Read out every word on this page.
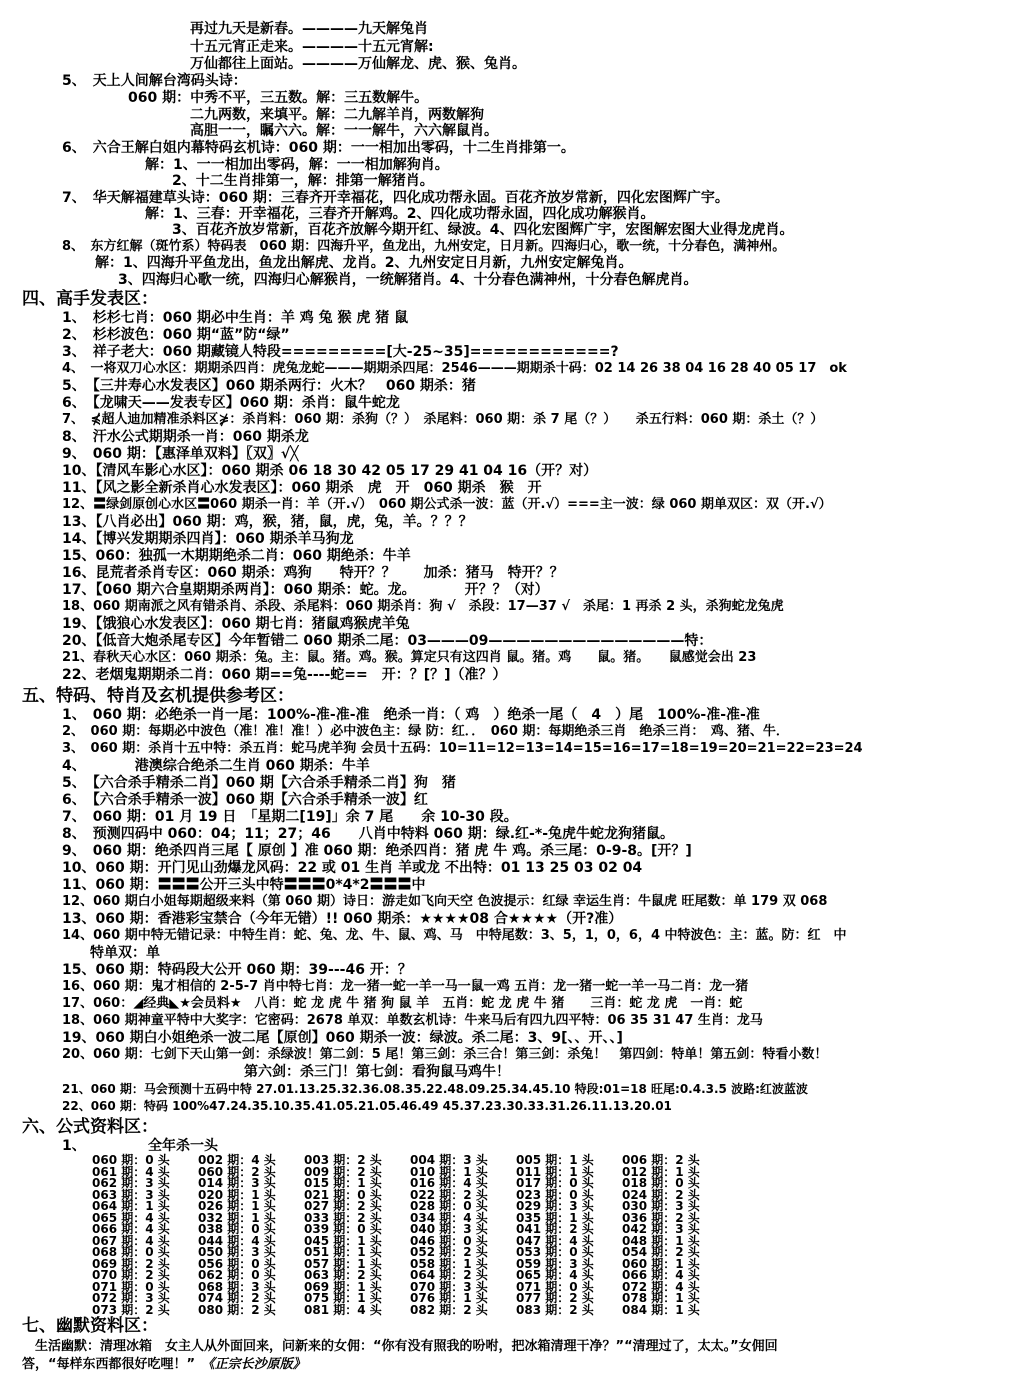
再过九天是新春。————九天解兔肖
十五元宵正走来。————十五元宵解:
万仙都往上面站。————万仙解龙、虎、猴、兔肖。
5、　天上人间解台湾码头诗：
060 期：中秀不平，三五数。解：三五数解牛。
二九两数，来填平。解：二九解羊肖，两数解狗
高胆一一，瞩六六。解：一一解牛，六六解鼠肖。
6、　六合王解白姐内幕特码玄机诗：060 期：一一相加出零码，十二生肖排第一。
解：1、一一相加出零码，解：一一相加解狗肖。
2、十二生肖排第一，解：排第一解猪肖。
7、　华天解福建草头诗：060 期：三春齐开幸福花，四化成功帮永固。百花齐放岁常新，四化宏图辉广宇。
解：1、三春：开幸福花，三春齐开解鸡。2、四化成功帮永固，四化成功解猴肖。
3、百花齐放岁常新，百花齐放解今期开红、绿波。4、四化宏图辉广宇，宏图解宏图大业得龙虎肖。
8、　东方红解（斑竹系）特码表　060 期：四海升平，鱼龙出，九州安定，日月新。四海归心，歌一统，十分春色，满神州。
解：1、四海升平鱼龙出，鱼龙出解虎、龙肖。2、九州安定日月新，九州安定解兔肖。
3、四海归心歌一统，四海归心解猴肖，一统解猪肖。4、十分春色满神州，十分春色解虎肖。
四、高手发表区：
1、　杉杉七肖：060 期必中生肖：羊 鸡 兔 猴 虎 猪 鼠
2、　杉杉波色：060 期“蓝”防“绿”
3、　祥子老大：060 期藏镜人特段=========[大-25~35]============?
4、　一将双刀心水区：期期杀四肖：虎兔龙蛇———期期杀四尾：2546———期期杀十码：02 14 26 38 04 16 28 40 05 17　ok
5、　【三井寿心水发表区】060 期杀两行：火木？　060 期杀：猪
6、　【龙啸天——发表专区】060 期：杀肖：鼠牛蛇龙
7、　⋠超人迪加精准杀料区⋡：杀肖料：060 期：杀狗（？）　杀尾料：060 期：杀 7 尾（？）　　杀五行料：060 期：杀土（？）
8、　汗水公式期期杀一肖：060 期杀龙
9、　060 期：【惠泽单双料】〖双〗√╳
10、【清风车影心水区】：060 期杀 06 18 30 42 05 17 29 41 04 16（开？对）
11、【风之影全新杀肖心水发表区】：060 期杀　虎　开　060 期杀　猴　开
12、〓绿剑原创心水区〓060 期杀一肖：羊（开.√）　060 期公式杀一波：蓝（开.√）===主一波：绿 060 期单双区：双（开.√）
13、【八肖必出】060 期：鸡，猴，猪，鼠，虎，兔，羊。？？？
14、【博兴发期期杀四肖】：060 期杀羊马狗龙
15、060：独孤一木期期绝杀二肖：060 期绝杀：牛羊
16、昆荒者杀肖专区：060 期杀：鸡狗　　特开？？　　加杀：猪马　特开？？
17、【060 期六合皇期期杀两肖】：060 期杀：蛇。龙。　　　　开？？（对）
18、060 期南派之风有错杀肖、杀段、杀尾料：060 期杀肖：狗 √　杀段：17—37 √　杀尾：1 再杀 2 头，杀狗蛇龙兔虎
19、【饿狼心水发表区】：060 期七肖：猪鼠鸡猴虎羊兔
20、【低音大炮杀尾专区】今年暂错二 060 期杀二尾：03———09——————————————特：
21、春秋天心水区：060 期杀：兔。主：鼠。猪。鸡。猴。算定只有这四肖 鼠。猪。鸡　　鼠。猪。　　鼠感觉会出 23
22、老烟鬼期期杀二肖：060 期==兔----蛇==　开：？[？]（准？）
五、特码、特肖及玄机提供参考区：
1、　060 期：必绝杀一肖一尾：100%-准-准-准　绝杀一肖：（ 鸡　）绝杀一尾（　4　）尾　100%-准-准-准
2、　060 期：每期必中波色（准！准！准！）必中波色主：绿 防：红．．　060 期：每期绝杀三肖　绝杀三肖：　鸡、猪、牛．
3、　060 期：杀肖十五中特：杀五肖：蛇马虎羊狗 会员十五码：10=11=12=13=14=15=16=17=18=19=20=21=22=23=24
4、　　　　港澳综合绝杀二生肖 060 期杀：牛羊
5、　【六合杀手精杀二肖】060 期【六合杀手精杀二肖】狗　猪
6、　【六合杀手精杀一波】060 期【六合杀手精杀一波】红
7、　060 期：01 月 19 日　「星期二[19]」余 7 尾　　余 10-30 段。
8、　预测四码中 060：04；11；27；46　　八肖中特料 060 期：绿.红-*-兔虎牛蛇龙狗猪鼠。
9、　060 期：绝杀四肖三尾【 原创 】准 060 期：绝杀四肖：猪 虎 牛 鸡。杀三尾：0-9-8。[开？]
10、060 期：开门见山劲爆龙风码：22 或 01 生肖 羊或龙 不出特：01 13 25 03 02 04
11、060 期：〓〓〓公开三头中特〓〓〓0*4*2〓〓〓中
12、060 期白小姐每期超级来料（第 060 期）诗日：游走如飞向天空 色波提示：红绿 幸运生肖：牛鼠虎 旺尾数：单 179 双 068
13、060 期：香港彩宝禁合（今年无错）!! 060 期杀：★★★★08 合★★★★（开?准）
14、060 期中特无错记录：中特生肖：蛇、兔、龙、牛、鼠、鸡、马　中特尾数：3、5，1，0，6，4 中特波色：主：蓝。防：红　中
　　特单双：单
15、060 期：特码段大公开 060 期：39---46 开：？
16、060 期：鬼才相信的 2-5-7 肖中特七肖：龙一猪一蛇一羊一马一鼠一鸡 五肖：龙一猪一蛇一羊一马二肖：龙一猪
17、060：◢经典◣★会员料★　八肖：蛇 龙 虎 牛 猪 狗 鼠 羊　五肖：蛇 龙 虎 牛 猪　　三肖：蛇 龙 虎　一肖：蛇
18、060 期神童平特中大奖字：它密码：2678 单双：单数玄机诗：牛来马后有四九四平特：06 35 31 47 生肖：龙马
19、060 期白小姐绝杀一波二尾【原创】060 期杀一波：绿波。杀二尾：3、9[、、开、、]
20、060 期：七剑下天山第一剑：杀绿波！第二剑：5 尾！第三剑：杀三合！第三剑：杀兔！　第四剑：特单！第五剑：特看小数！
　　　　　　　　　　　　　第六剑：杀三门！第七剑：看狗鼠马鸡牛！
21、060 期：马会预测十五码中特 27.01.13.25.32.36.08.35.22.48.09.25.34.45.10 特段:01=18 旺尾:0.4.3.5 波路:红波蓝波
22、060 期：特码 100%47.24.35.10.35.41.05.21.05.46.49 45.37.23.30.33.31.26.11.13.20.01
六、公式资料区：
1、	全年杀一头
060 期：0 头 002 期：4 头 003 期：2 头 004 期：3 头 005 期：1 头 006 期：2 头
061 期：4 头 060 期：2 头 009 期：2 头 010 期：1 头 011 期：1 头 012 期：1 头
062 期：3 头 014 期：3 头 015 期：1 头 016 期：4 头 017 期：0 头 018 期：0 头
063 期：3 头 020 期：1 头 021 期：0 头 022 期：2 头 023 期：0 头 024 期：2 头
064 期：1 头 026 期：1 头 027 期：2 头 028 期：0 头 029 期：3 头 030 期：3 头
065 期：4 头 032 期：1 头 033 期：2 头 034 期：4 头 035 期：1 头 036 期：2 头
066 期：4 头 038 期：0 头 039 期：0 头 040 期：3 头 041 期：2 头 042 期：3 头
067 期：4 头 044 期：4 头 045 期：1 头 046 期：0 头 047 期：4 头 048 期：1 头
068 期：0 头 050 期：3 头 051 期：1 头 052 期：2 头 053 期：0 头 054 期：2 头
069 期：2 头 056 期：0 头 057 期：1 头 058 期：1 头 059 期：3 头 060 期：1 头
070 期：2 头 062 期：0 头 063 期：2 头 064 期：2 头 065 期：4 头 066 期：4 头
071 期：0 头 068 期：3 头 069 期：1 头 070 期：3 头 071 期：0 头 072 期：4 头
072 期：3 头 074 期：2 头 075 期：1 头 076 期：1 头 077 期：2 头 078 期：1 头
073 期：2 头 080 期：2 头 081 期：4 头 082 期：2 头 083 期：2 头 084 期：1 头
七、幽默资料区：
　生活幽默：清理冰箱　女主人从外面回来，问新来的女佣：“你有没有照我的吩咐，把冰箱清理干净？”“清理过了，太太。”女佣回
答，“每样东西都很好吃哩！”　 《正宗长沙原版》
